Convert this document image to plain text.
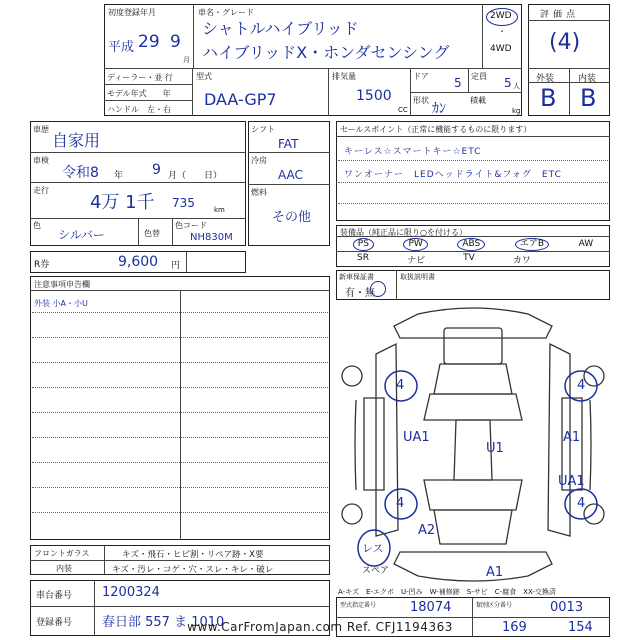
初度登録年月
平成 29 9
月
車名・グレード
シャトルハイブリッド
ハイブリッドX・ホンダセンシング
2WD
・
4WD
ディーラー・並 行
モデル年式　　年
ハンドル　左・右
型式
DAA-GP7
排気量
1500
CC
ドア 5 定員 5 人
形状
ｶﾝ
積載
kg
評価点
(4)
外装	内装
B B
車歴
自家用
車検
令和8 年 9 月（　　日）
走行
4万 1千 735	km
色
シルバー	色替
色コード
NH830M
シフト
FAT
冷房
AAC
燃料
その他
R券	9,600 円
セールスポイント（正常に機能するものに限ります）
キーレス☆スマートキー☆ETC
ワンオーナー　LEDヘッドライト&フォグ　ETC
装備品（純正品に限り○を付ける）
PS	PW	ABS	エアB	AW
SR	ナビ	TV	カワ
新車保証書
有・無
取扱説明書
注意事項申告欄
外装 小A・小U
4	4
UA1
U1
A1
UA1
4	4
A2
A1
レス
スペア
A-キズ　E-エクボ　U-凹み　W-補修跡　S-サビ　C-腐食　XX-交換済
フロントガラス	キズ・飛石・ヒビ割・リペア跡・X要
内装	キズ・汚レ・コゲ・穴・スレ・キレ・破レ
車台番号 1200324
登録番号 春日部 557 ま 1010
型式指定番号	18074	類別区分番号	0013
169	154
www.CarFromJapan.com Ref. CFJ1194363
